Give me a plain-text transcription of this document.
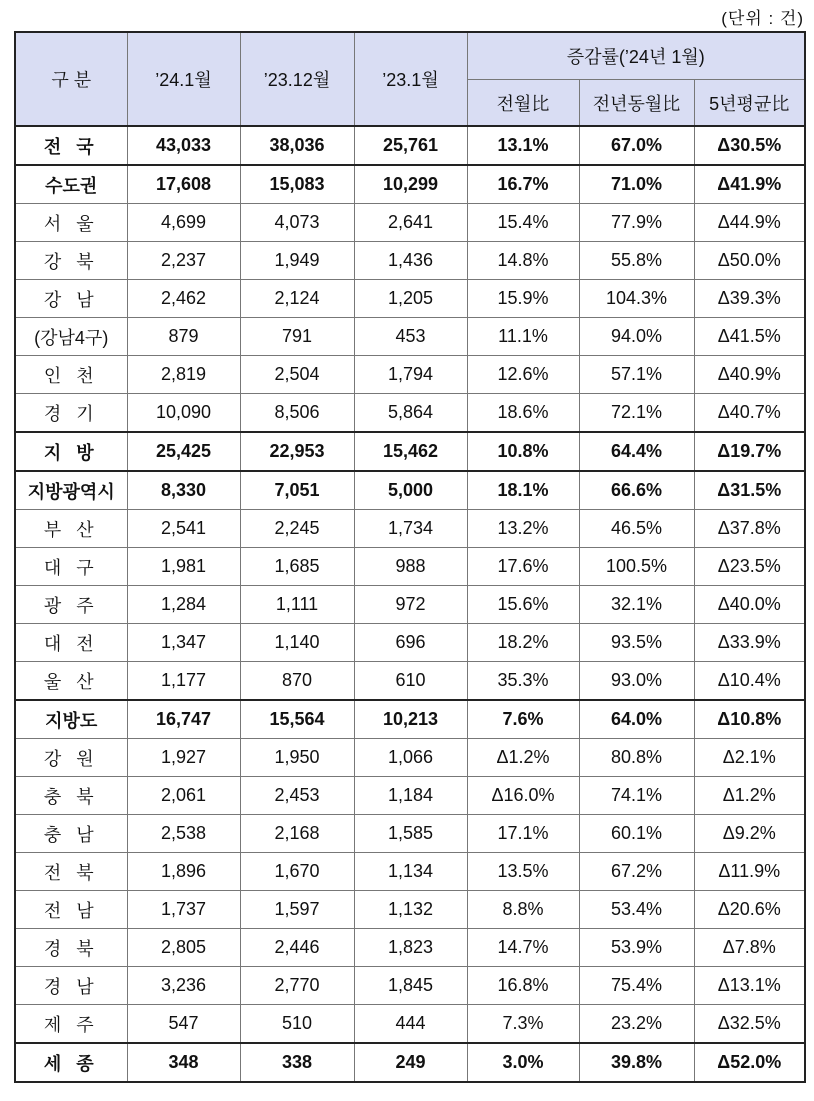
(단위 : 건)
구 분	’24.1월	’23.12월	’23.1월	증감률(’24년 1월)		
				전월比	전년동월比	5년평균比
전 국	43,033	38,036	25,761	13.1%	67.0%	Δ30.5%
수도권	17,608	15,083	10,299	16.7%	71.0%	Δ41.9%
서 울	4,699	4,073	2,641	15.4%	77.9%	Δ44.9%
강 북	2,237	1,949	1,436	14.8%	55.8%	Δ50.0%
강 남	2,462	2,124	1,205	15.9%	104.3%	Δ39.3%
(강남4구)	879	791	453	11.1%	94.0%	Δ41.5%
인 천	2,819	2,504	1,794	12.6%	57.1%	Δ40.9%
경 기	10,090	8,506	5,864	18.6%	72.1%	Δ40.7%
지 방	25,425	22,953	15,462	10.8%	64.4%	Δ19.7%
지방광역시	8,330	7,051	5,000	18.1%	66.6%	Δ31.5%
부 산	2,541	2,245	1,734	13.2%	46.5%	Δ37.8%
대 구	1,981	1,685	988	17.6%	100.5%	Δ23.5%
광 주	1,284	1,111	972	15.6%	32.1%	Δ40.0%
대 전	1,347	1,140	696	18.2%	93.5%	Δ33.9%
울 산	1,177	870	610	35.3%	93.0%	Δ10.4%
지방도	16,747	15,564	10,213	7.6%	64.0%	Δ10.8%
강 원	1,927	1,950	1,066	Δ1.2%	80.8%	Δ2.1%
충 북	2,061	2,453	1,184	Δ16.0%	74.1%	Δ1.2%
충 남	2,538	2,168	1,585	17.1%	60.1%	Δ9.2%
전 북	1,896	1,670	1,134	13.5%	67.2%	Δ11.9%
전 남	1,737	1,597	1,132	8.8%	53.4%	Δ20.6%
경 북	2,805	2,446	1,823	14.7%	53.9%	Δ7.8%
경 남	3,236	2,770	1,845	16.8%	75.4%	Δ13.1%
제 주	547	510	444	7.3%	23.2%	Δ32.5%
세 종	348	338	249	3.0%	39.8%	Δ52.0%
